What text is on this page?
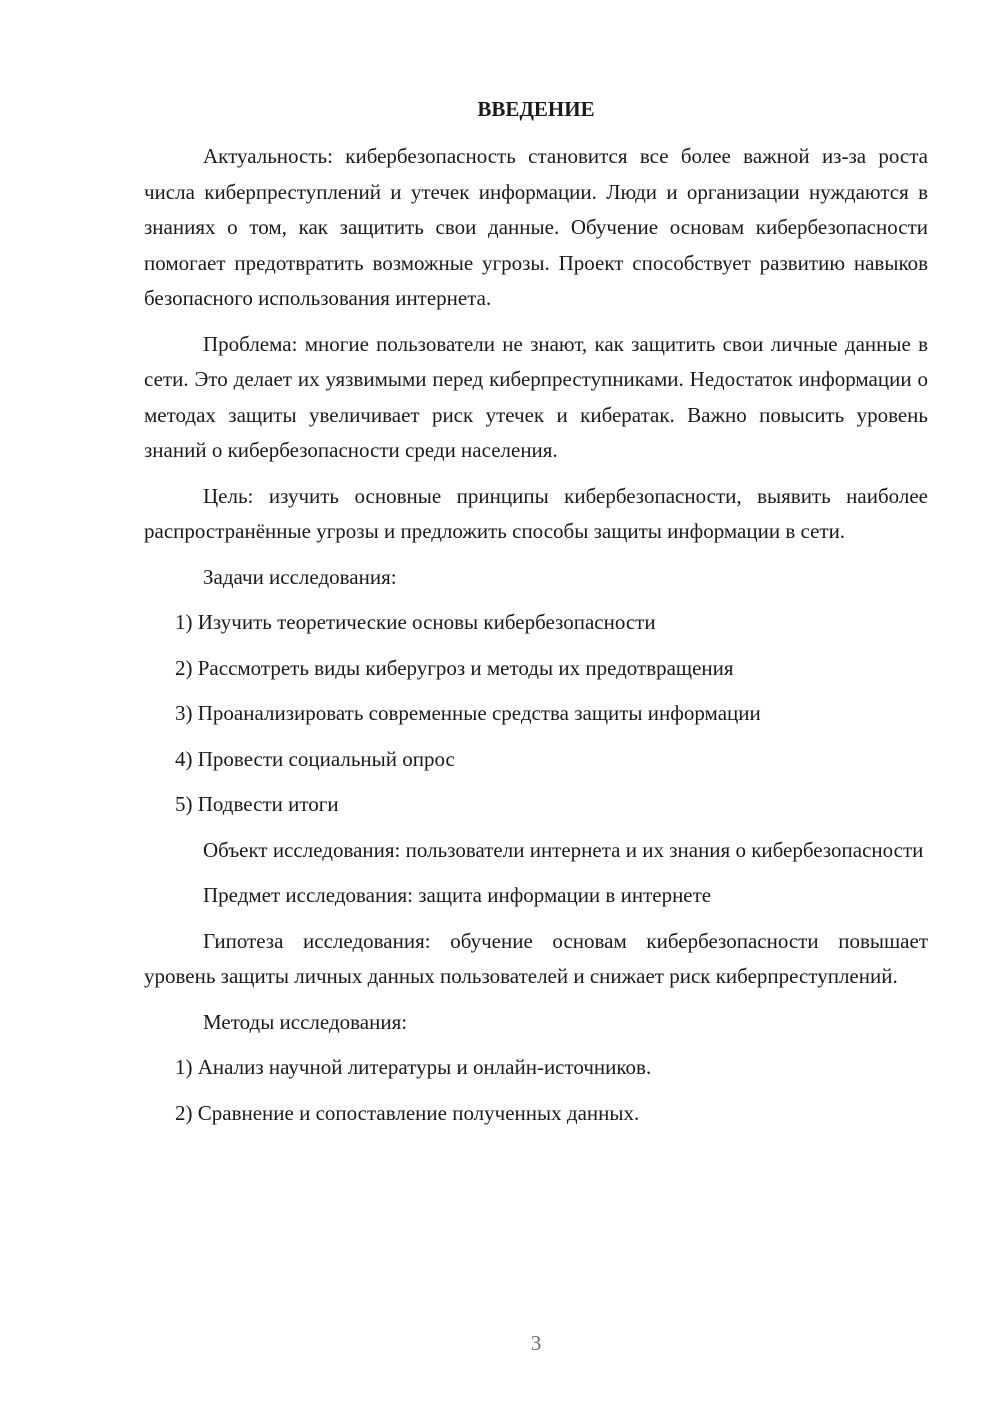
ВВЕДЕНИЕ

Актуальность: кибербезопасность становится все более важной из-за роста числа киберпреступлений и утечек информации. Люди и организации нуждаются в знаниях о том, как защитить свои данные. Обучение основам кибербезопасности помогает предотвратить возможные угрозы. Проект способствует развитию навыков безопасного использования интернета.

Проблема: многие пользователи не знают, как защитить свои личные данные в сети. Это делает их уязвимыми перед киберпреступниками. Недостаток информации о методах защиты увеличивает риск утечек и кибератак. Важно повысить уровень знаний о кибербезопасности среди населения.

Цель: изучить основные принципы кибербезопасности, выявить наиболее распространённые угрозы и предложить способы защиты информации в сети.

Задачи исследования:

1) Изучить теоретические основы кибербезопасности

2) Рассмотреть виды киберугроз и методы их предотвращения

3) Проанализировать современные средства защиты информации

4) Провести социальный опрос

5) Подвести итоги

Объект исследования: пользователи интернета и их знания о кибербезопасности

Предмет исследования: защита информации в интернете

Гипотеза исследования: обучение основам кибербезопасности повышает уровень защиты личных данных пользователей и снижает риск киберпреступлений.

Методы исследования:

1) Анализ научной литературы и онлайн-источников.

2) Сравнение и сопоставление полученных данных.

3
